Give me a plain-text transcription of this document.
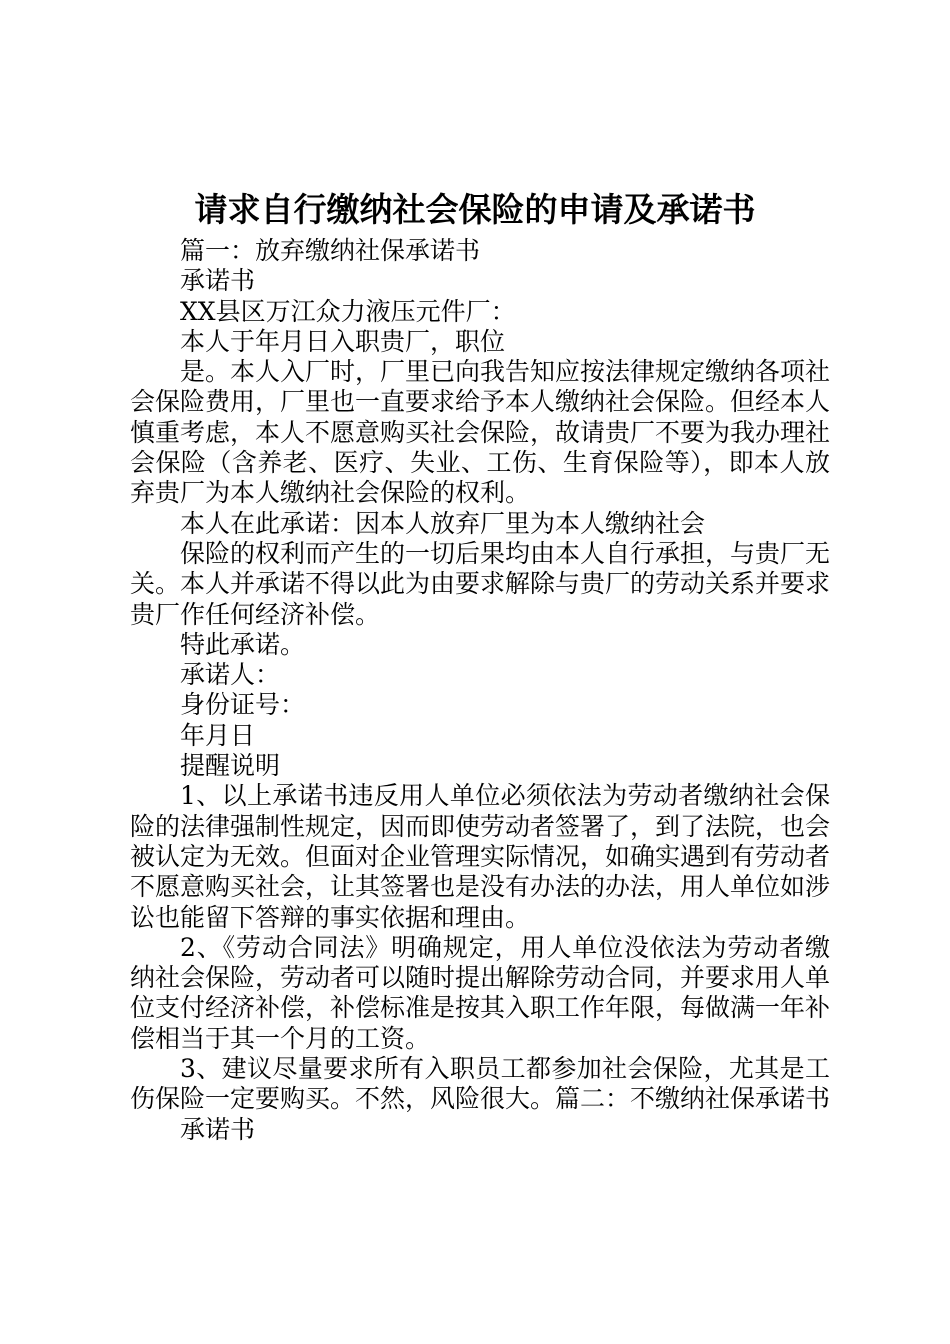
请求自行缴纳社会保险的申请及承诺书

篇一：放弃缴纳社保承诺书

承诺书

XX县区万江众力液压元件厂：

本人于年月日入职贵厂，职位

是。本人入厂时，厂里已向我告知应按法律规定缴纳各项社会保险费用，厂里也一直要求给予本人缴纳社会保险。但经本人慎重考虑，本人不愿意购买社会保险，故请贵厂不要为我办理社会保险（含养老、医疗、失业、工伤、生育保险等），即本人放弃贵厂为本人缴纳社会保险的权利。

本人在此承诺：因本人放弃厂里为本人缴纳社会

保险的权利而产生的一切后果均由本人自行承担，与贵厂无关。本人并承诺不得以此为由要求解除与贵厂的劳动关系并要求贵厂作任何经济补偿。

特此承诺。

承诺人：

身份证号：

年月日

提醒说明

1、以上承诺书违反用人单位必须依法为劳动者缴纳社会保险的法律强制性规定，因而即使劳动者签署了，到了法院，也会被认定为无效。但面对企业管理实际情况，如确实遇到有劳动者不愿意购买社会，让其签署也是没有办法的办法，用人单位如涉讼也能留下答辩的事实依据和理由。

2、《劳动合同法》明确规定，用人单位没依法为劳动者缴纳社会保险，劳动者可以随时提出解除劳动合同，并要求用人单位支付经济补偿，补偿标准是按其入职工作年限，每做满一年补偿相当于其一个月的工资。

3、建议尽量要求所有入职员工都参加社会保险，尤其是工伤保险一定要购买。不然，风险很大。篇二：不缴纳社保承诺书

承诺书
